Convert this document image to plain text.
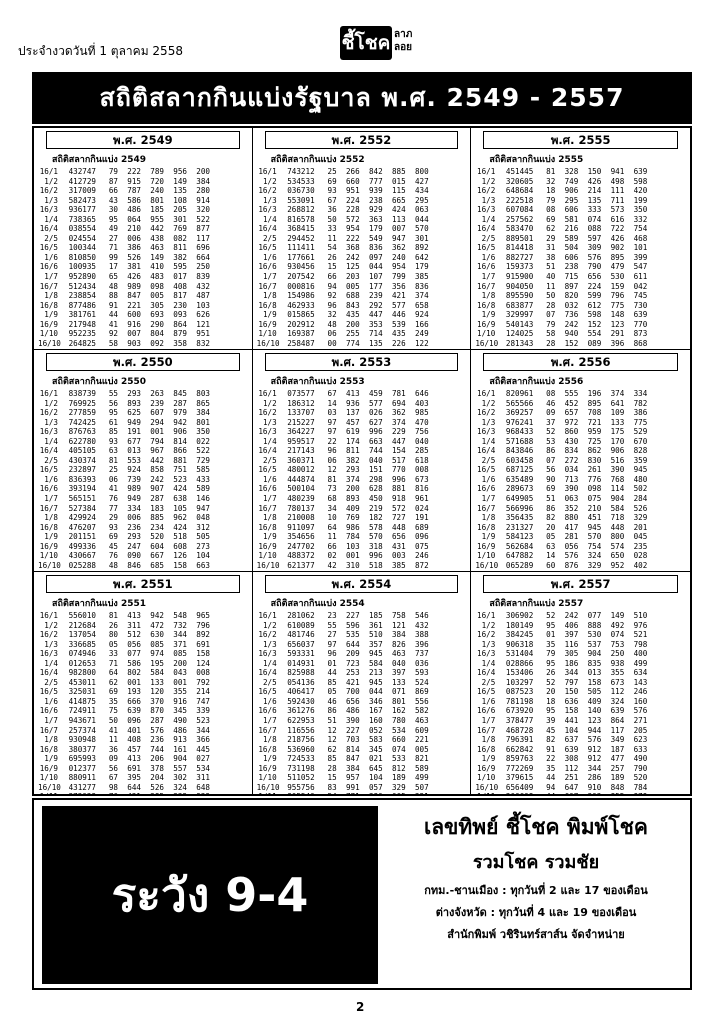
ประจำงวดวันที่ 1 ตุลาคม 2558	ชี้โชค ลาภ
ลอย
สถิติสลากกินแบ่งรัฐบาล พ.ศ. 2549 - 2557
พ.ศ. 2549
สถิติสลากกินแบ่ง 2549
16/1	432747	79	222	789	956	200
1/2	412729	87	915	720	149	384
16/2	317009	66	787	240	135	280
1/3	582473	43	586	801	108	914
16/3	936177	30	486	185	205	320
1/4	738365	95	064	955	301	522
16/4	038554	49	210	442	769	877
2/5	024554	27	006	438	082	117
16/5	100344	71	386	463	811	696
1/6	810850	99	526	149	382	664
16/6	100935	17	381	410	595	250
1/7	952890	65	426	483	017	839
16/7	512434	48	989	098	408	432
1/8	238854	88	847	005	817	487
16/8	877486	91	221	305	230	103
1/9	381761	44	600	693	093	626
16/9	217948	41	916	290	864	121
1/10	952235	92	007	804	879	951
16/10	264825	58	903	092	358	832
พ.ศ. 2552
สถิติสลากกินแบ่ง 2552
16/1	743212	25	266	842	885	800
1/2	534533	69	660	777	015	427
16/2	036730	93	951	939	115	434
1/3	553091	67	224	238	665	295
16/3	268812	36	228	929	424	063
1/4	816578	50	572	363	113	044
16/4	368415	33	954	179	007	570
2/5	294452	11	222	549	947	301
16/5	111411	54	368	836	362	892
1/6	177661	26	242	097	240	642
16/6	930456	15	125	044	954	179
1/7	207542	66	203	107	799	385
16/7	000816	94	005	177	356	836
1/8	154986	92	688	239	421	374
16/8	462933	96	843	292	577	658
1/9	015865	32	435	447	446	924
16/9	202912	48	200	353	539	166
1/10	169387	06	255	714	435	249
16/10	258487	00	774	135	226	122
พ.ศ. 2555
สถิติสลากกินแบ่ง 2555
16/1	451445	81	328	150	941	639
1/2	320605	32	749	426	498	598
16/2	648684	18	906	214	111	420
1/3	222518	79	295	135	711	199
16/3	607084	08	606	333	573	350
1/4	257562	69	581	074	616	332
16/4	583470	62	216	088	722	754
2/5	889501	29	589	597	426	468
16/5	814418	31	504	309	902	101
1/6	882727	38	606	576	895	399
16/6	159373	51	238	790	479	547
1/7	915900	40	715	656	530	611
16/7	904050	11	897	224	159	042
1/8	895590	50	820	599	796	745
16/8	683877	28	032	612	775	730
1/9	329997	07	736	598	148	639
16/9	540143	79	242	152	123	770
1/10	124025	58	940	554	291	873
16/10	281343	28	152	089	396	868
พ.ศ. 2550
สถิติสลากกินแบ่ง 2550
16/1	838739	55	293	263	845	803
1/2	769925	56	893	239	287	865
16/2	277859	95	625	607	979	384
1/3	742425	61	949	294	942	801
16/3	876763	85	191	001	906	350
1/4	622780	93	677	794	814	022
16/4	405105	63	013	967	866	522
2/5	430374	81	553	442	881	729
16/5	232897	25	924	858	751	585
1/6	836393	06	739	242	523	433
16/6	393194	41	989	907	424	589
1/7	565151	76	949	287	638	146
16/7	527384	77	334	183	105	947
1/8	429924	29	006	885	962	048
16/8	476207	93	236	234	424	312
1/9	201151	69	293	520	518	505
16/9	499336	45	247	604	608	273
1/10	430667	76	090	667	126	104
16/10	025288	48	846	685	158	663
พ.ศ. 2553
สถิติสลากกินแบ่ง 2553
16/1	073577	67	413	459	781	646
1/2	186312	14	936	577	694	403
16/2	133707	03	137	026	362	985
1/3	215227	97	457	627	374	470
16/3	364227	97	619	996	229	756
1/4	959517	22	174	663	447	040
16/4	217143	96	811	744	154	285
2/5	360371	06	382	040	517	618
16/5	480012	12	293	151	770	008
1/6	444874	81	374	298	996	673
16/6	500104	73	200	628	881	816
1/7	480239	68	893	450	918	961
16/7	780137	34	409	219	572	024
1/8	210008	10	769	182	727	191
16/8	911097	64	986	578	448	689
1/9	354656	11	784	570	656	096
16/9	247702	66	103	318	431	075
1/10	488372	02	001	996	003	246
16/10	621377	42	310	518	385	872
พ.ศ. 2556
สถิติสลากกินแบ่ง 2556
16/1	820961	08	555	196	374	334
1/2	565566	46	452	895	641	782
16/2	369257	09	657	708	109	386
1/3	976241	37	972	721	133	775
16/3	968433	52	860	959	175	529
1/4	571688	53	430	725	170	670
16/4	843846	86	834	862	906	828
2/5	603458	07	272	830	516	359
16/5	687125	56	034	261	390	945
1/6	635489	90	713	776	768	480
16/6	289673	69	390	098	114	502
1/7	649905	51	063	075	904	284
16/7	566996	86	352	210	584	526
1/8	356435	82	880	451	718	329
16/8	231327	20	417	945	448	201
1/9	584123	05	281	570	800	045
16/9	562684	63	056	754	574	235
1/10	647882	14	576	324	650	028
16/10	065289	60	876	329	952	402
พ.ศ. 2551
สถิติสลากกินแบ่ง 2551
16/1	556010	81	413	942	548	965
1/2	212684	26	311	472	732	796
16/2	137054	80	512	630	344	892
1/3	336685	05	056	085	371	691
16/3	074946	33	077	974	085	158
1/4	012653	71	586	195	200	124
16/4	982800	64	802	584	043	008
2/5	453011	62	001	133	001	792
16/5	325031	69	193	120	355	214
1/6	414875	35	666	370	916	747
16/6	724911	75	639	870	345	339
1/7	943671	50	096	287	490	523
16/7	257374	41	401	576	486	344
1/8	930948	11	408	236	913	366
16/8	380377	36	457	744	161	445
1/9	695993	09	413	206	904	027
16/9	012377	56	691	378	557	534
1/10	880911	67	395	204	302	311
16/10	431277	98	644	526	324	648
พ.ศ. 2554
สถิติสลากกินแบ่ง 2554
16/1	281062	23	227	185	758	546
1/2	610089	55	596	361	121	432
16/2	481746	27	535	510	384	388
1/3	656037	97	644	357	826	396
16/3	593331	96	209	945	463	737
1/4	014931	01	723	584	040	036
16/4	825988	44	253	213	397	593
2/5	054136	85	421	945	133	524
16/5	406417	05	700	044	071	869
1/6	592430	46	656	346	801	556
16/6	361276	86	486	167	162	582
1/7	622953	51	390	160	780	463
16/7	116556	12	227	052	534	609
1/8	218756	12	703	583	660	221
16/8	536960	62	814	345	074	005
1/9	724533	85	847	021	533	821
16/9	731198	28	384	645	812	589
1/10	511052	15	957	104	189	499
16/10	955756	83	991	057	329	507
พ.ศ. 2557
สถิติสลากกินแบ่ง 2557
16/1	306902	52	242	077	149	510
1/2	180149	95	406	888	492	976
16/2	384245	01	397	530	074	521
1/3	906318	35	116	537	753	798
16/3	531404	79	305	904	250	400
1/4	028866	95	186	835	938	499
16/4	153406	26	344	013	355	634
2/5	103297	52	797	158	673	143
16/5	087523	20	150	505	112	246
1/6	781198	18	636	409	324	160
16/6	673920	95	158	140	639	576
1/7	378477	39	441	123	864	271
16/7	468728	45	104	944	117	205
1/8	796391	82	637	576	349	623
16/8	662842	91	639	912	187	633
1/9	859763	22	308	912	477	490
16/9	772269	35	112	344	257	790
1/10	379615	44	251	286	189	520
16/10	656409	94	647	910	848	784
ระวัง 9-4
เลขทิพย์ ชี้โชค พิมพ์โชค
รวมโชค รวมชัย
กทม.-ชานเมือง : ทุกวันที่ 2 และ 17 ของเดือน
ต่างจังหวัด : ทุกวันที่ 4 และ 19 ของเดือน
สำนักพิมพ์ วชิรินทร์สาส์น จัดจำหน่าย
2
